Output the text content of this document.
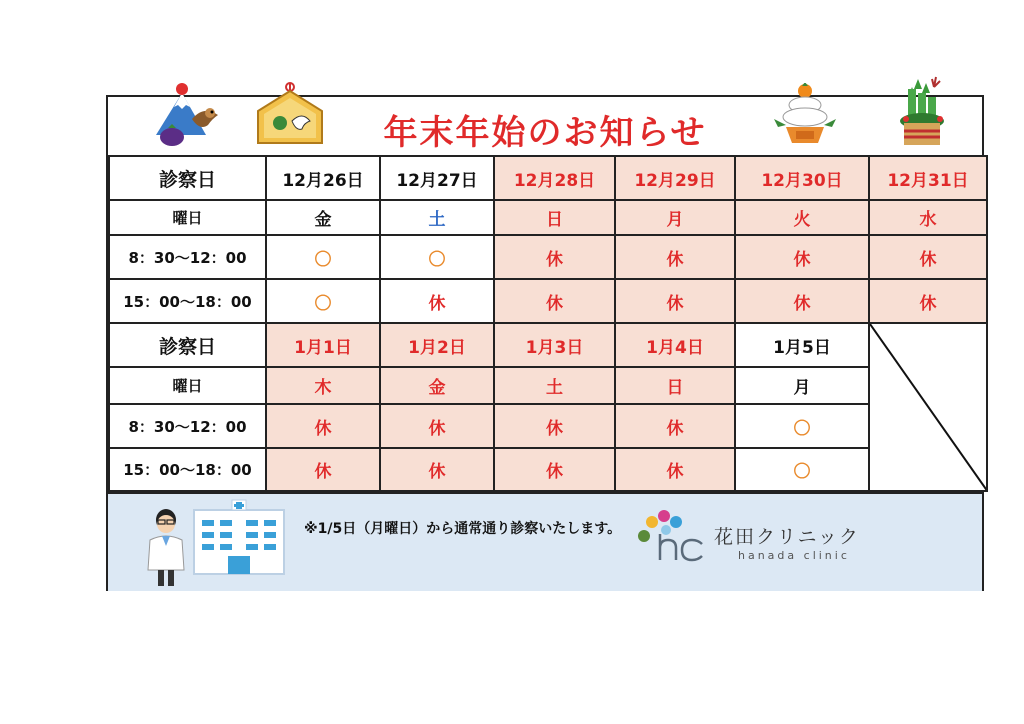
年末年始のお知らせ
診察日	12月26日	12月27日	12月28日	12月29日	12月30日	12月31日
曜日	金	土	日	月	火	水
8：30～12：00	〇	〇	休	休	休	休
15：00～18：00	〇	休	休	休	休	休
診察日	1月1日	1月2日	1月3日	1月4日	1月5日	

曜日	木	金	土	日	月	
8：30～12：00	休	休	休	休	〇	
15：00～18：00	休	休	休	休	〇	
※1/5日（月曜日）から通常通り診察いたします。	花田クリニック
hanada clinic
